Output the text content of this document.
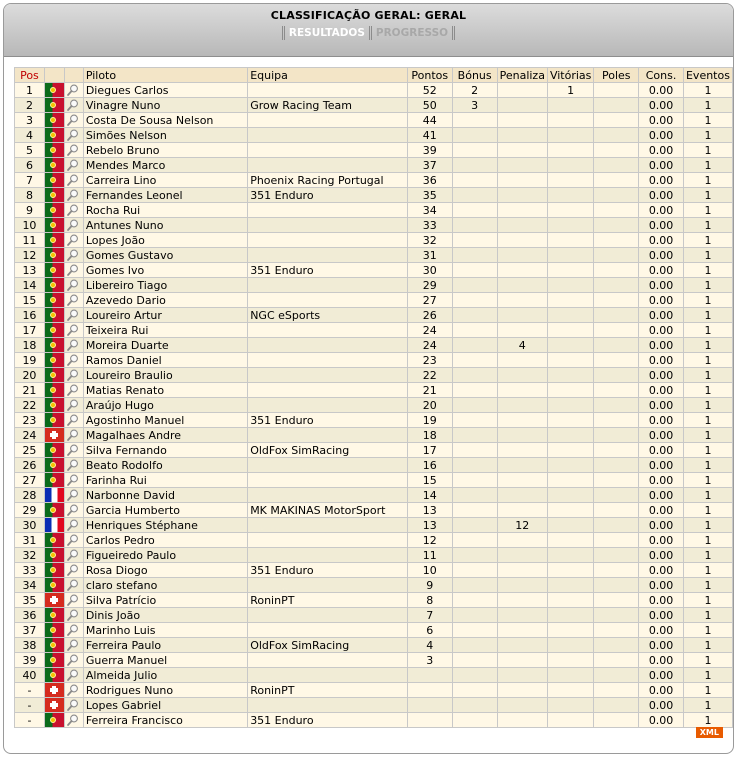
CLASSIFICAÇÃO GERAL: GERAL
RESULTADOS PROGRESSO
Pos			Piloto	Equipa	Pontos	Bónus	Penaliza	Vitórias	Poles	Cons.	Eventos
1			Diegues Carlos		52	2		1		0.00	1
2			Vinagre Nuno	Grow Racing Team	50	3				0.00	1
3			Costa De Sousa Nelson		44					0.00	1
4			Simões Nelson		41					0.00	1
5			Rebelo Bruno		39					0.00	1
6			Mendes Marco		37					0.00	1
7			Carreira Lino	Phoenix Racing Portugal	36					0.00	1
8			Fernandes Leonel	351 Enduro	35					0.00	1
9			Rocha Rui		34					0.00	1
10			Antunes Nuno		33					0.00	1
11			Lopes João		32					0.00	1
12			Gomes Gustavo		31					0.00	1
13			Gomes Ivo	351 Enduro	30					0.00	1
14			Libereiro Tiago		29					0.00	1
15			Azevedo Dario		27					0.00	1
16			Loureiro Artur	NGC eSports	26					0.00	1
17			Teixeira Rui		24					0.00	1
18			Moreira Duarte		24		4			0.00	1
19			Ramos Daniel		23					0.00	1
20			Loureiro Braulio		22					0.00	1
21			Matias Renato		21					0.00	1
22			Araújo Hugo		20					0.00	1
23			Agostinho Manuel	351 Enduro	19					0.00	1
24			Magalhaes Andre		18					0.00	1
25			Silva Fernando	OldFox SimRacing	17					0.00	1
26			Beato Rodolfo		16					0.00	1
27			Farinha Rui		15					0.00	1
28			Narbonne David		14					0.00	1
29			Garcia Humberto	MK MAKINAS MotorSport	13					0.00	1
30			Henriques Stéphane		13		12			0.00	1
31			Carlos Pedro		12					0.00	1
32			Figueiredo Paulo		11					0.00	1
33			Rosa Diogo	351 Enduro	10					0.00	1
34			claro stefano		9					0.00	1
35			Silva Patrício	RoninPT	8					0.00	1
36			Dinis João		7					0.00	1
37			Marinho Luis		6					0.00	1
38			Ferreira Paulo	OldFox SimRacing	4					0.00	1
39			Guerra Manuel		3					0.00	1
40			Almeida Julio							0.00	1
-			Rodrigues Nuno	RoninPT						0.00	1
-			Lopes Gabriel							0.00	1
-			Ferreira Francisco	351 Enduro						0.00	1
XML
